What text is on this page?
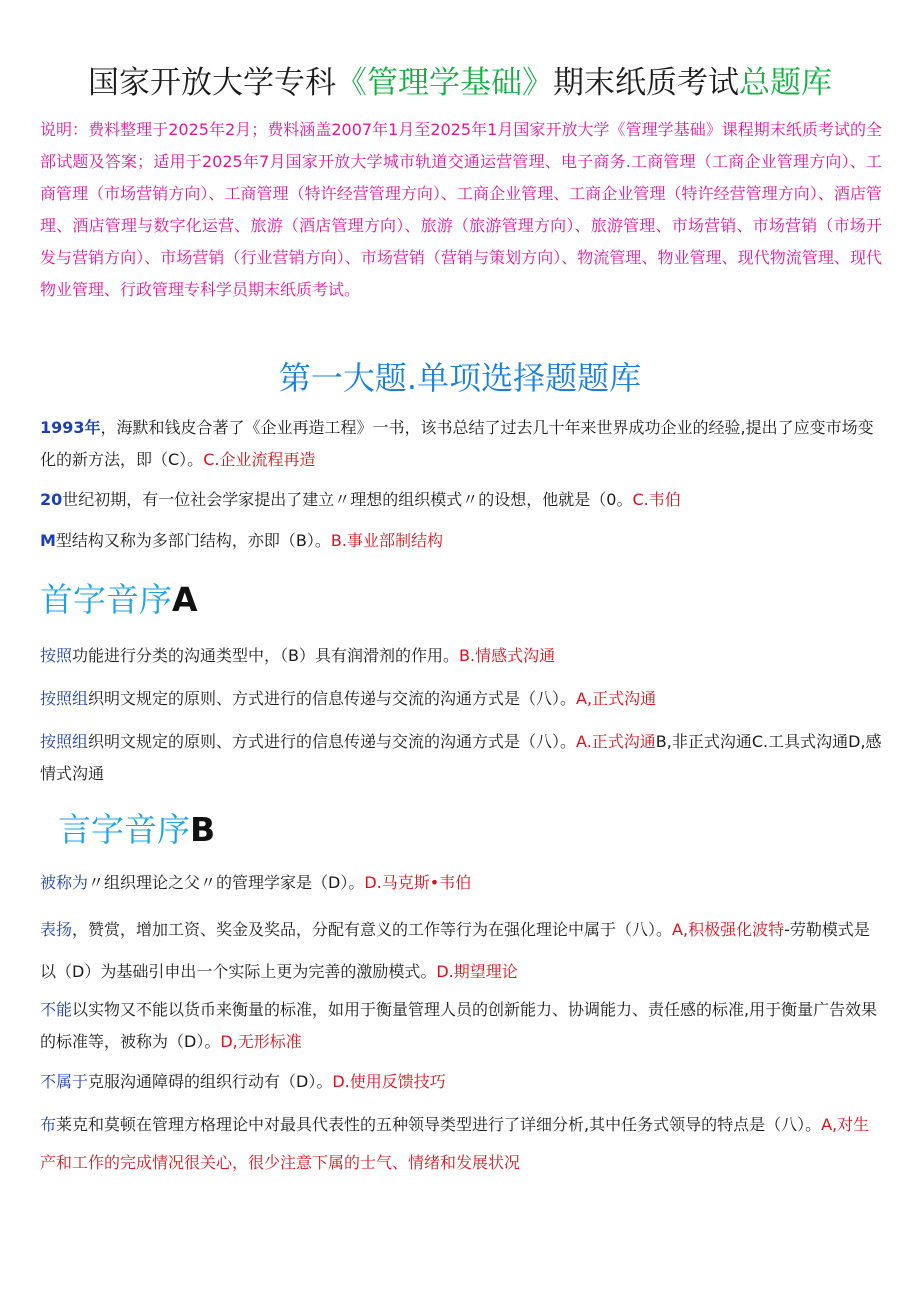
国家开放大学专科《管理学基础》期末纸质考试总题库
说明：费料整理于2025年2月；费料涵盖2007年1月至2025年1月国家开放大学《管理学基础》课程期末纸质考试的全部试题及答案；适用于2025年7月国家开放大学城市轨道交通运营管理、电子商务.工商管理（工商企业管理方向）、工商管理（市场营销方向）、工商管理（特许经营管理方向）、工商企业管理、工商企业管理（特许经营管理方向）、酒店管理、酒店管理与数字化运营、旅游（酒店管理方向）、旅游（旅游管理方向）、旅游管理、市场营销、市场营销（市场开发与营销方向）、市场营销（行业营销方向）、市场营销（营销与策划方向）、物流管理、物业管理、现代物流管理、现代物业管理、行政管理专科学员期末纸质考试。
第一大题.单项选择题题库
1993年，海默和钱皮合著了《企业再造工程》一书，该书总结了过去几十年来世界成功企业的经验,提出了应变市场变化的新方法，即（C）。C.企业流程再造
20世纪初期，有一位社会学家提出了建立〃理想的组织模式〃的设想，他就是（0。C.韦伯
M型结构又称为多部门结构，亦即（B）。B.事业部制结构
首字音序A
按照功能进行分类的沟通类型中，（B）具有润滑剂的作用。B.情感式沟通
按照组织明文规定的原则、方式进行的信息传递与交流的沟通方式是（八）。A,正式沟通
按照组织明文规定的原则、方式进行的信息传递与交流的沟通方式是（八）。A.正式沟通B,非正式沟通C.工具式沟通D,感情式沟通
言字音序B
被称为〃组织理论之父〃的管理学家是（D）。D.马克斯•韦伯
表扬，赞赏，增加工资、奖金及奖品，分配有意义的工作等行为在强化理论中属于（八）。A,积极强化波特-劳勒模式是以（D）为基础引申出一个实际上更为完善的激励模式。D.期望理论
不能以实物又不能以货币来衡量的标准，如用于衡量管理人员的创新能力、协调能力、责任感的标准,用于衡量广告效果的标准等，被称为（D）。D,无形标准
不属于克服沟通障碍的组织行动有（D）。D.使用反馈技巧
布莱克和莫顿在管理方格理论中对最具代表性的五种领导类型进行了详细分析,其中任务式领导的特点是（八）。A,对生产和工作的完成情况很关心，很少注意下属的士气、情绪和发展状况
